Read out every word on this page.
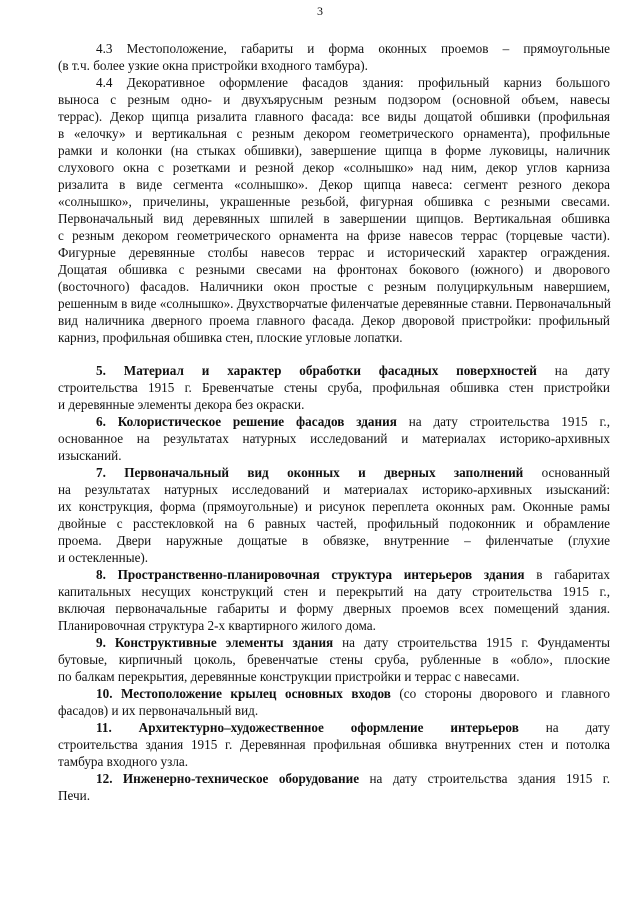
3
4.3 Местоположение, габариты и форма оконных проемов – прямоугольные
(в т.ч. более узкие окна пристройки входного тамбура).
4.4 Декоративное оформление фасадов здания: профильный карниз большого
выноса с резным одно- и двухъярусным резным подзором (основной объем, навесы
террас). Декор щипца ризалита главного фасада: все виды дощатой обшивки (профильная
в «елочку» и вертикальная с резным декором геометрического орнамента), профильные
рамки и колонки (на стыках обшивки), завершение щипца в форме луковицы, наличник
слухового окна с розетками и резной декор «солнышко» над ним, декор углов карниза
ризалита в виде сегмента «солнышко». Декор щипца навеса: сегмент резного декора
«солнышко», причелины, украшенные резьбой, фигурная обшивка с резными свесами.
Первоначальный вид деревянных шпилей в завершении щипцов. Вертикальная обшивка
с резным декором геометрического орнамента на фризе навесов террас (торцевые части).
Фигурные деревянные столбы навесов террас и исторический характер ограждения.
Дощатая обшивка с резными свесами на фронтонах бокового (южного) и дворового
(восточного) фасадов. Наличники окон простые с резным полуциркульным навершием,
решенным в виде «солнышко». Двухстворчатые филенчатые деревянные ставни. Первоначальный
вид наличника дверного проема главного фасада. Декор дворовой пристройки: профильный
карниз, профильная обшивка стен, плоские угловые лопатки.
5. Материал и характер обработки фасадных поверхностей на дату
строительства 1915 г. Бревенчатые стены сруба, профильная обшивка стен пристройки
и деревянные элементы декора без окраски.
6. Колористическое решение фасадов здания на дату строительства 1915 г.,
основанное на результатах натурных исследований и материалах историко-архивных
изысканий.
7. Первоначальный вид оконных и дверных заполнений основанный
на результатах натурных исследований и материалах историко-архивных изысканий:
их конструкция, форма (прямоугольные) и рисунок переплета оконных рам. Оконные рамы
двойные с расстекловкой на 6 равных частей, профильный подоконник и обрамление
проема. Двери наружные дощатые в обвязке, внутренние – филенчатые (глухие
и остекленные).
8. Пространственно-планировочная структура интерьеров здания в габаритах
капитальных несущих конструкций стен и перекрытий на дату строительства 1915 г.,
включая первоначальные габариты и форму дверных проемов всех помещений здания.
Планировочная структура 2-х квартирного жилого дома.
9. Конструктивные элементы здания на дату строительства 1915 г. Фундаменты
бутовые, кирпичный цоколь, бревенчатые стены сруба, рубленные в «обло», плоские
по балкам перекрытия, деревянные конструкции пристройки и террас с навесами.
10. Местоположение крылец основных входов (со стороны дворового и главного
фасадов) и их первоначальный вид.
11. Архитектурно–художественное оформление интерьеров на дату
строительства здания 1915 г. Деревянная профильная обшивка внутренних стен и потолка
тамбура входного узла.
12. Инженерно-техническое оборудование на дату строительства здания 1915 г.
Печи.
